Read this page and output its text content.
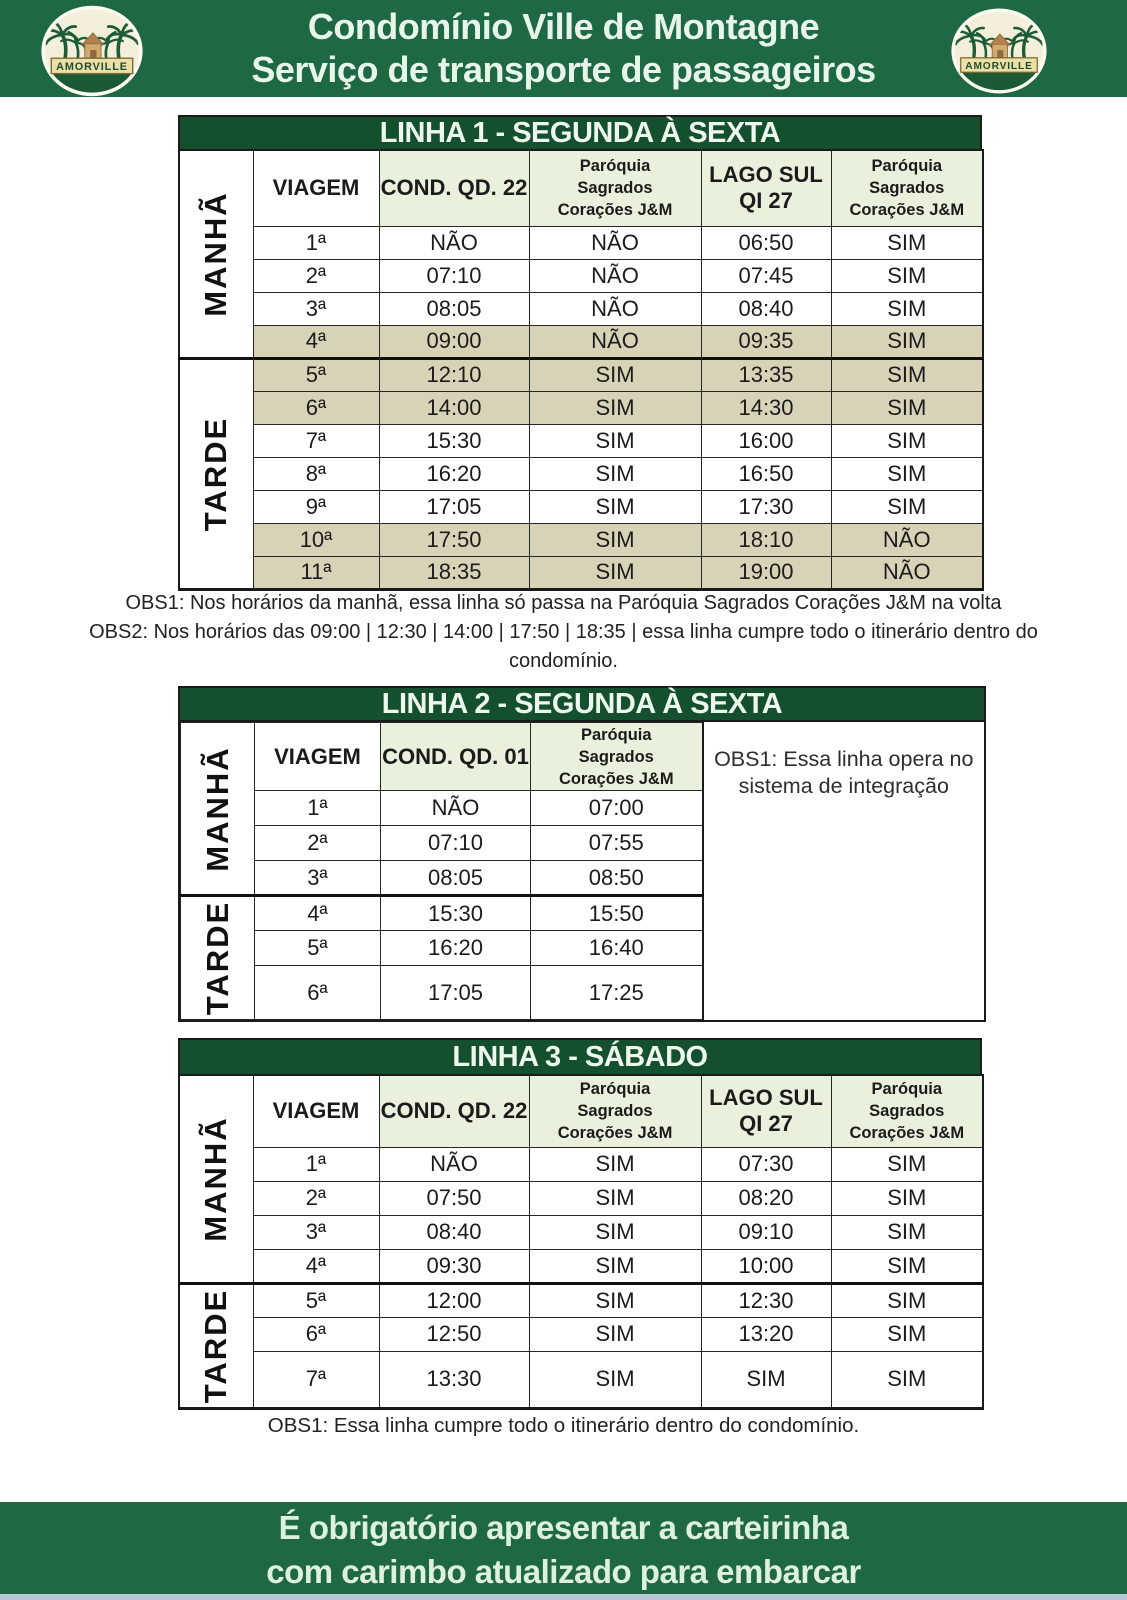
Condomínio Ville de Montagne
Serviço de transporte de passageiros
AMORVILLE	AMORVILLE
LINHA 1 - SEGUNDA À SEXTA
MANHÃ	VIAGEM	COND. QD. 22	Paróquia Sagrados Corações J&M	LAGO SUL QI 27	Paróquia Sagrados Corações J&M
	1ª	NÃO	NÃO	06:50	SIM
	2ª	07:10	NÃO	07:45	SIM
	3ª	08:05	NÃO	08:40	SIM
	4ª	09:00	NÃO	09:35	SIM

TARDE	5ª	12:10	SIM	13:35	SIM
	6ª	14:00	SIM	14:30	SIM
	7ª	15:30	SIM	16:00	SIM
	8ª	16:20	SIM	16:50	SIM
	9ª	17:05	SIM	17:30	SIM
	10ª	17:50	SIM	18:10	NÃO
	11ª	18:35	SIM	19:00	NÃO
OBS1: Nos horários da manhã, essa linha só passa na Paróquia Sagrados Corações J&M na volta
OBS2: Nos horários das 09:00 | 12:30 | 14:00 | 17:50 | 18:35 | essa linha cumpre todo o itinerário dentro do condomínio.
LINHA 2 - SEGUNDA À SEXTA
MANHÃ	VIAGEM	COND. QD. 01	Paróquia Sagrados Corações J&M
	1ª	NÃO	07:00
	2ª	07:10	07:55
	3ª	08:05	08:50

TARDE	4ª	15:30	15:50
	5ª	16:20	16:40
	6ª	17:05	17:25
OBS1: Essa linha opera no sistema de integração
LINHA 3 - SÁBADO
MANHÃ	VIAGEM	COND. QD. 22	Paróquia Sagrados Corações J&M	LAGO SUL QI 27	Paróquia Sagrados Corações J&M
	1ª	NÃO	SIM	07:30	SIM
	2ª	07:50	SIM	08:20	SIM
	3ª	08:40	SIM	09:10	SIM
	4ª	09:30	SIM	10:00	SIM

TARDE	5ª	12:00	SIM	12:30	SIM
	6ª	12:50	SIM	13:20	SIM
	7ª	13:30	SIM	SIM	SIM
OBS1: Essa linha cumpre todo o itinerário dentro do condomínio.
É obrigatório apresentar a carteirinha
com carimbo atualizado para embarcar
